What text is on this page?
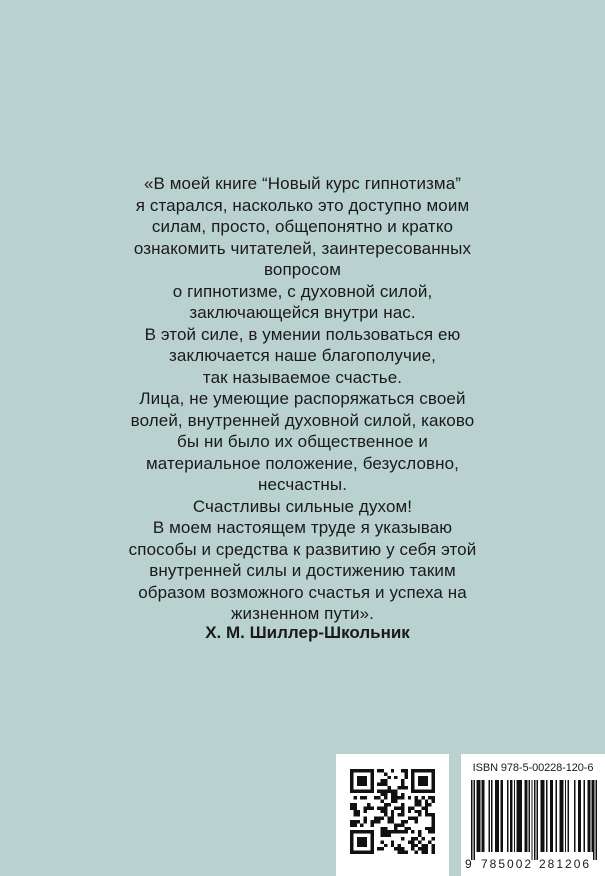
«В моей книге “Новый курс гипнотизма”
я старался, насколько это доступно моим
силам, просто, общепонятно и кратко
ознакомить читателей, заинтересованных
вопросом
о гипнотизме, с духовной силой,
заключающейся внутри нас.
В этой силе, в умении пользоваться ею
заключается наше благополучие,
так называемое счастье.
Лица, не умеющие распоряжаться своей
волей, внутренней духовной силой, каково
бы ни было их общественное и
материальное положение, безусловно,
несчастны.
Счастливы сильные духом!
В моем настоящем труде я указываю
способы и средства к развитию у себя этой
внутренней силы и достижению таким
образом возможного счастья и успеха на
жизненном пути».
Х. М. Шиллер-Школьник
ISBN 978-5-00228-120-6
9 785002 281206
